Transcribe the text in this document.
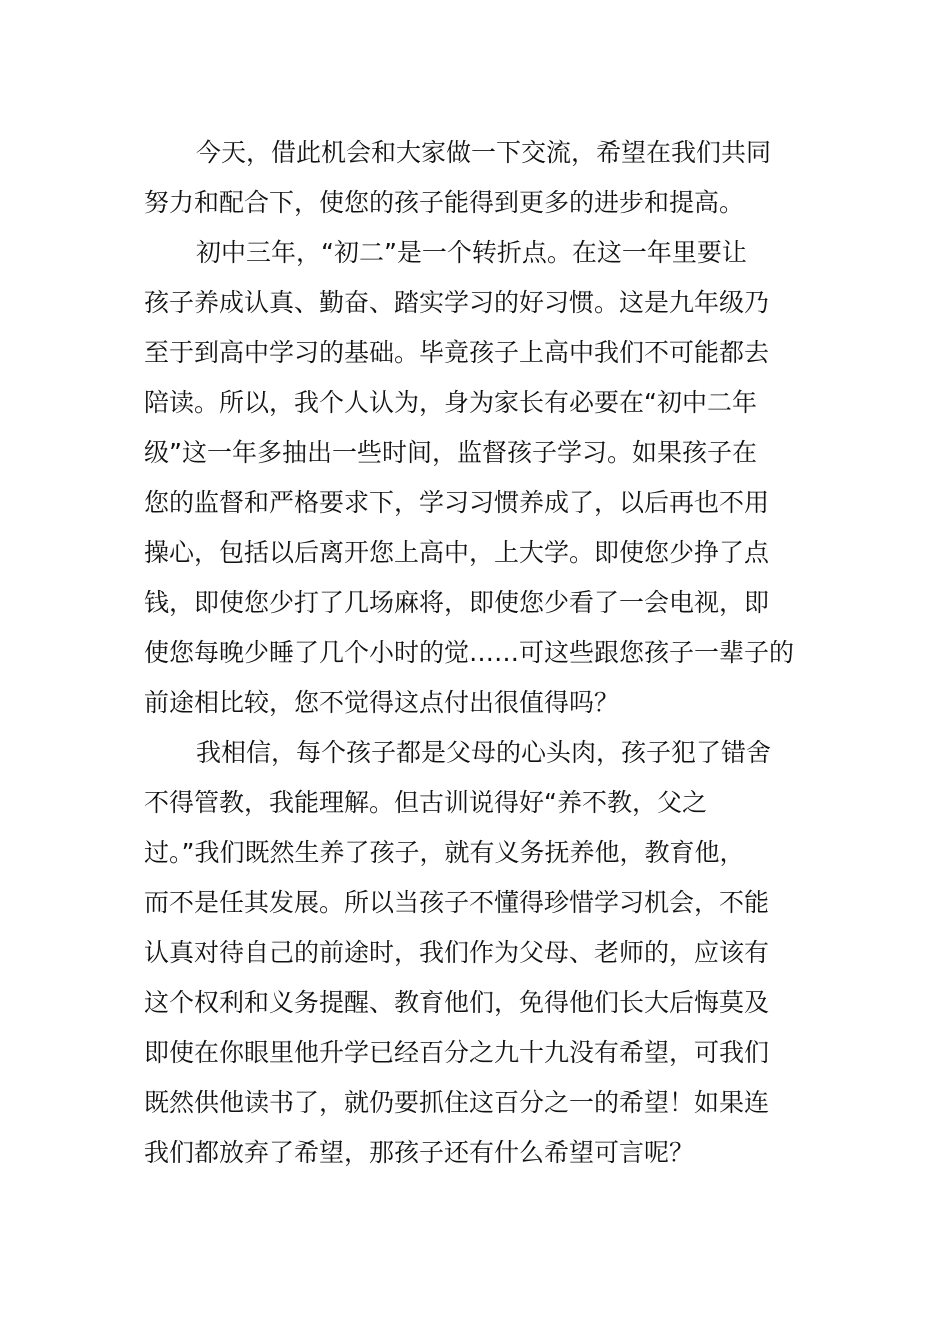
今天，借此机会和大家做一下交流，希望在我们共同
努力和配合下，使您的孩子能得到更多的进步和提高。
初中三年，“初二”是一个转折点。在这一年里要让
孩子养成认真、勤奋、踏实学习的好习惯。这是九年级乃
至于到高中学习的基础。毕竟孩子上高中我们不可能都去
陪读。所以，我个人认为，身为家长有必要在“初中二年
级”这一年多抽出一些时间，监督孩子学习。如果孩子在
您的监督和严格要求下，学习习惯养成了，以后再也不用
操心，包括以后离开您上高中，上大学。即使您少挣了点
钱，即使您少打了几场麻将，即使您少看了一会电视，即
使您每晚少睡了几个小时的觉……可这些跟您孩子一辈子的
前途相比较，您不觉得这点付出很值得吗？
我相信，每个孩子都是父母的心头肉，孩子犯了错舍
不得管教，我能理解。但古训说得好“养不教，父之
过。”我们既然生养了孩子，就有义务抚养他，教育他，
而不是任其发展。所以当孩子不懂得珍惜学习机会，不能
认真对待自己的前途时，我们作为父母、老师的，应该有
这个权利和义务提醒、教育他们，免得他们长大后悔莫及
即使在你眼里他升学已经百分之九十九没有希望，可我们
既然供他读书了，就仍要抓住这百分之一的希望！如果连
我们都放弃了希望，那孩子还有什么希望可言呢？
